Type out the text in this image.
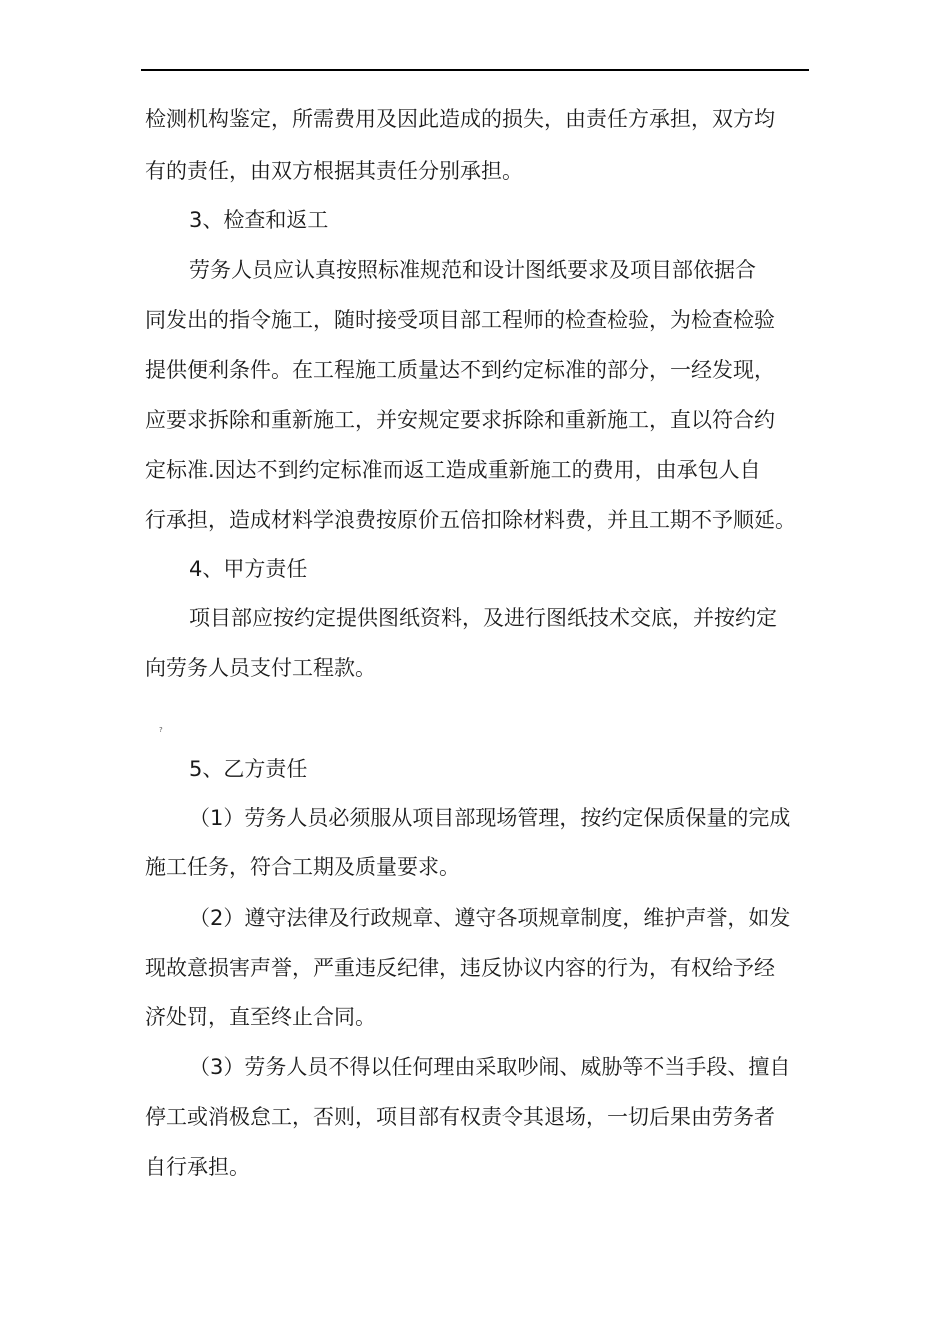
检测机构鉴定，所需费用及因此造成的损失，由责任方承担，双方均
有的责任，由双方根据其责任分别承担。
3、检查和返工
劳务人员应认真按照标准规范和设计图纸要求及项目部依据合
同发出的指令施工，随时接受项目部工程师的检查检验，为检查检验
提供便利条件。在工程施工质量达不到约定标准的部分，一经发现，
应要求拆除和重新施工，并安规定要求拆除和重新施工，直以符合约
定标准.因达不到约定标准而返工造成重新施工的费用，由承包人自
行承担，造成材料学浪费按原价五倍扣除材料费，并且工期不予顺延。
4、甲方责任
项目部应按约定提供图纸资料，及进行图纸技术交底，并按约定
向劳务人员支付工程款。
?
5、乙方责任
（1）劳务人员必须服从项目部现场管理，按约定保质保量的完成
施工任务，符合工期及质量要求。
（2）遵守法律及行政规章、遵守各项规章制度，维护声誉，如发
现故意损害声誉，严重违反纪律，违反协议内容的行为，有权给予经
济处罚，直至终止合同。
（3）劳务人员不得以任何理由采取吵闹、威胁等不当手段、擅自
停工或消极怠工，否则，项目部有权责令其退场，一切后果由劳务者
自行承担。
